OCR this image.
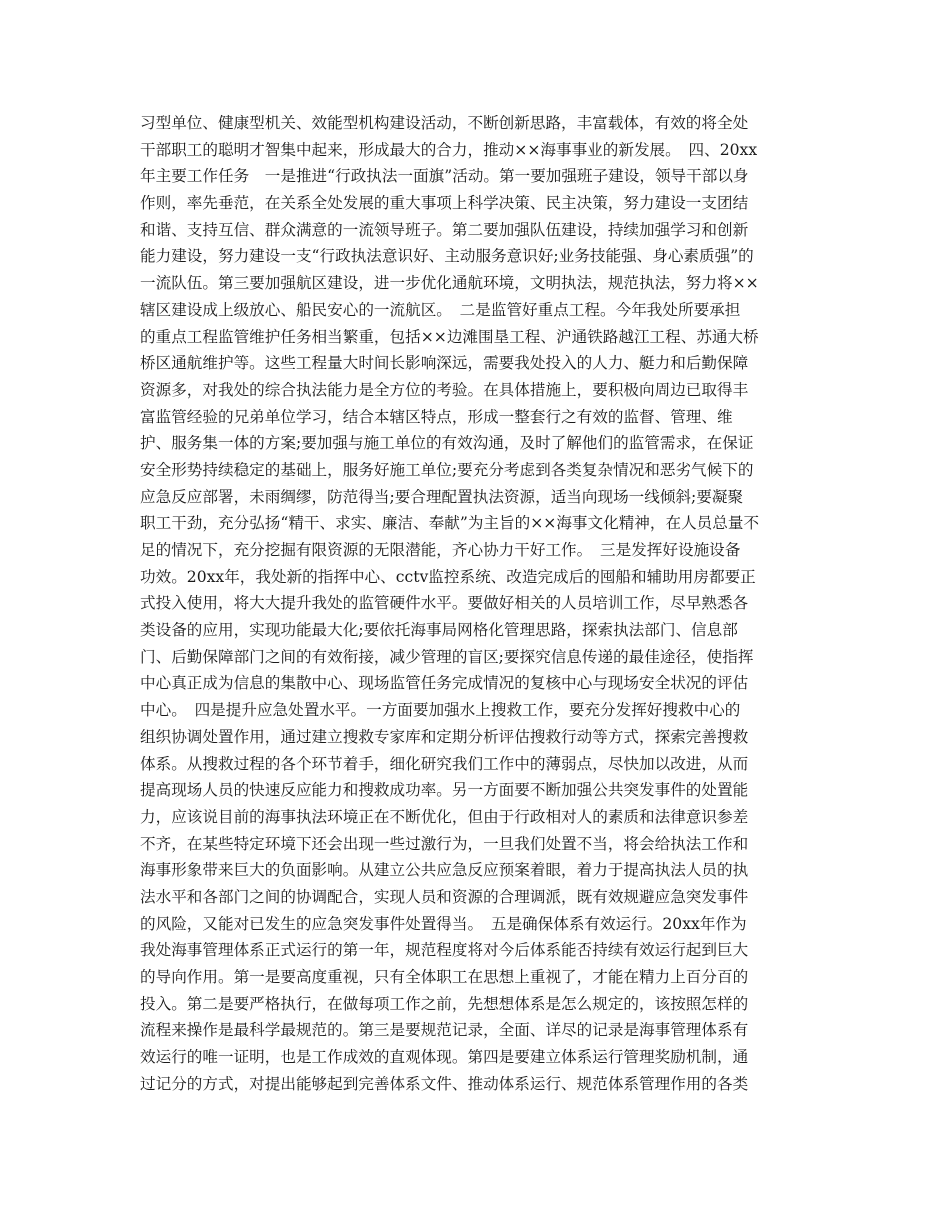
习型单位、健康型机关、效能型机构建设活动，不断创新思路，丰富载体，有效的将全处
干部职工的聪明才智集中起来，形成最大的合力，推动××海事事业的新发展。　四、20xx
年主要工作任务　一是推进“行政执法一面旗”活动。第一要加强班子建设，领导干部以身
作则，率先垂范，在关系全处发展的重大事项上科学决策、民主决策，努力建设一支团结
和谐、支持互信、群众满意的一流领导班子。第二要加强队伍建设，持续加强学习和创新
能力建设，努力建设一支“行政执法意识好、主动服务意识好;业务技能强、身心素质强”的
一流队伍。第三要加强航区建设，进一步优化通航环境，文明执法，规范执法，努力将××
辖区建设成上级放心、船民安心的一流航区。　二是监管好重点工程。今年我处所要承担
的重点工程监管维护任务相当繁重，包括××边滩围垦工程、沪通铁路越江工程、苏通大桥
桥区通航维护等。这些工程量大时间长影响深远，需要我处投入的人力、艇力和后勤保障
资源多，对我处的综合执法能力是全方位的考验。在具体措施上，要积极向周边已取得丰
富监管经验的兄弟单位学习，结合本辖区特点，形成一整套行之有效的监督、管理、维
护、服务集一体的方案;要加强与施工单位的有效沟通，及时了解他们的监管需求，在保证
安全形势持续稳定的基础上，服务好施工单位;要充分考虑到各类复杂情况和恶劣气候下的
应急反应部署，未雨绸缪，防范得当;要合理配置执法资源，适当向现场一线倾斜;要凝聚
职工干劲，充分弘扬“精干、求实、廉洁、奉献”为主旨的××海事文化精神，在人员总量不
足的情况下，充分挖掘有限资源的无限潜能，齐心协力干好工作。　三是发挥好设施设备
功效。20xx年，我处新的指挥中心、cctv监控系统、改造完成后的囤船和辅助用房都要正
式投入使用，将大大提升我处的监管硬件水平。要做好相关的人员培训工作，尽早熟悉各
类设备的应用，实现功能最大化;要依托海事局网格化管理思路，探索执法部门、信息部
门、后勤保障部门之间的有效衔接，减少管理的盲区;要探究信息传递的最佳途径，使指挥
中心真正成为信息的集散中心、现场监管任务完成情况的复核中心与现场安全状况的评估
中心。　四是提升应急处置水平。一方面要加强水上搜救工作，要充分发挥好搜救中心的
组织协调处置作用，通过建立搜救专家库和定期分析评估搜救行动等方式，探索完善搜救
体系。从搜救过程的各个环节着手，细化研究我们工作中的薄弱点，尽快加以改进，从而
提高现场人员的快速反应能力和搜救成功率。另一方面要不断加强公共突发事件的处置能
力，应该说目前的海事执法环境正在不断优化，但由于行政相对人的素质和法律意识参差
不齐，在某些特定环境下还会出现一些过激行为，一旦我们处置不当，将会给执法工作和
海事形象带来巨大的负面影响。从建立公共应急反应预案着眼，着力于提高执法人员的执
法水平和各部门之间的协调配合，实现人员和资源的合理调派，既有效规避应急突发事件
的风险，又能对已发生的应急突发事件处置得当。　五是确保体系有效运行。20xx年作为
我处海事管理体系正式运行的第一年，规范程度将对今后体系能否持续有效运行起到巨大
的导向作用。第一是要高度重视，只有全体职工在思想上重视了，才能在精力上百分百的
投入。第二是要严格执行，在做每项工作之前，先想想体系是怎么规定的，该按照怎样的
流程来操作是最科学最规范的。第三是要规范记录，全面、详尽的记录是海事管理体系有
效运行的唯一证明，也是工作成效的直观体现。第四是要建立体系运行管理奖励机制，通
过记分的方式，对提出能够起到完善体系文件、推动体系运行、规范体系管理作用的各类
